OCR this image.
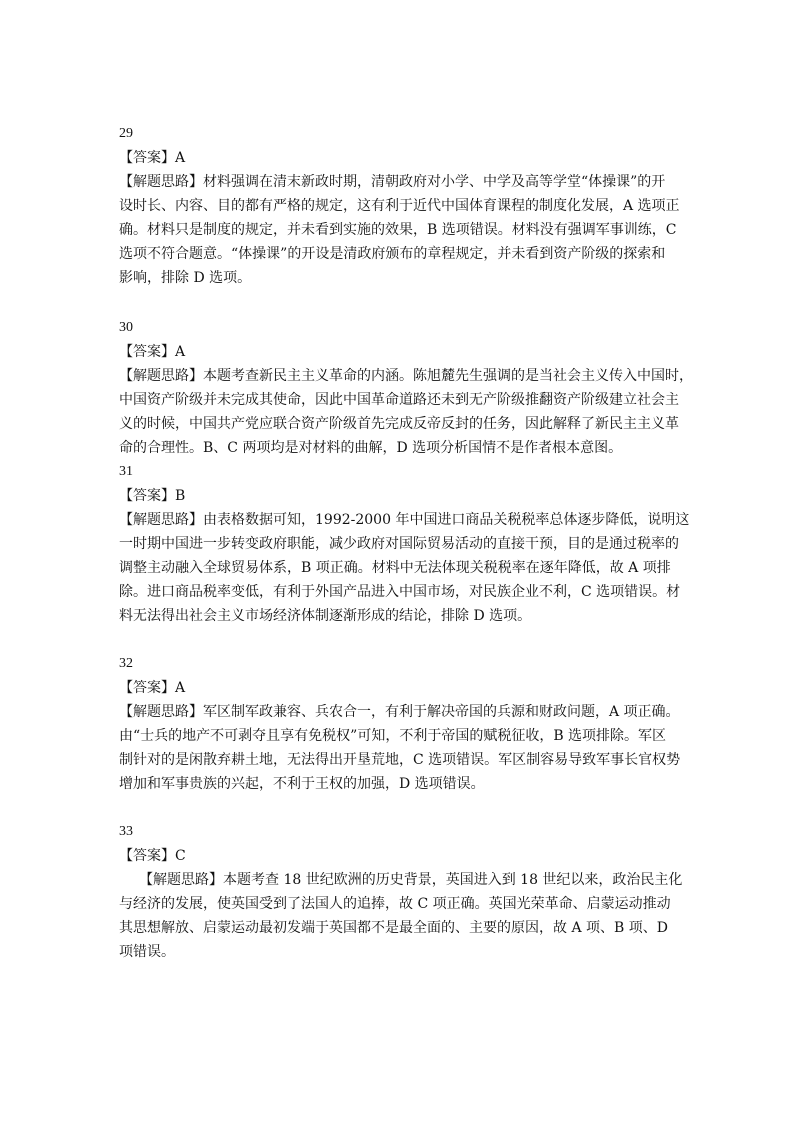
29

【答案】A

【解题思路】材料强调在清末新政时期，清朝政府对小学、中学及高等学堂“体操课”的开

设时长、内容、目的都有严格的规定，这有利于近代中国体育课程的制度化发展，A 选项正

确。材料只是制度的规定，并未看到实施的效果，B 选项错误。材料没有强调军事训练，C

选项不符合题意。“体操课”的开设是清政府颁布的章程规定，并未看到资产阶级的探索和

影响，排除 D 选项。

30

【答案】A

【解题思路】本题考查新民主主义革命的内涵。陈旭麓先生强调的是当社会主义传入中国时，

中国资产阶级并未完成其使命，因此中国革命道路还未到无产阶级推翻资产阶级建立社会主

义的时候，中国共产党应联合资产阶级首先完成反帝反封的任务，因此解释了新民主主义革

命的合理性。B、C 两项均是对材料的曲解，D 选项分析国情不是作者根本意图。

31

【答案】B

【解题思路】由表格数据可知，1992-2000 年中国进口商品关税税率总体逐步降低，说明这

一时期中国进一步转变政府职能，减少政府对国际贸易活动的直接干预，目的是通过税率的

调整主动融入全球贸易体系，B 项正确。材料中无法体现关税税率在逐年降低，故 A 项排

除。进口商品税率变低，有利于外国产品进入中国市场，对民族企业不利，C 选项错误。材

料无法得出社会主义市场经济体制逐渐形成的结论，排除 D 选项。

32

【答案】A

【解题思路】军区制军政兼容、兵农合一，有利于解决帝国的兵源和财政问题，A 项正确。

由“士兵的地产不可剥夺且享有免税权”可知，不利于帝国的赋税征收，B 选项排除。军区

制针对的是闲散弃耕土地，无法得出开垦荒地，C 选项错误。军区制容易导致军事长官权势

增加和军事贵族的兴起，不利于王权的加强，D 选项错误。

33

【答案】C

【解题思路】本题考查 18 世纪欧洲的历史背景，英国进入到 18 世纪以来，政治民主化

与经济的发展，使英国受到了法国人的追捧，故 C 项正确。英国光荣革命、启蒙运动推动

其思想解放、启蒙运动最初发端于英国都不是最全面的、主要的原因，故 A 项、B 项、D

项错误。
